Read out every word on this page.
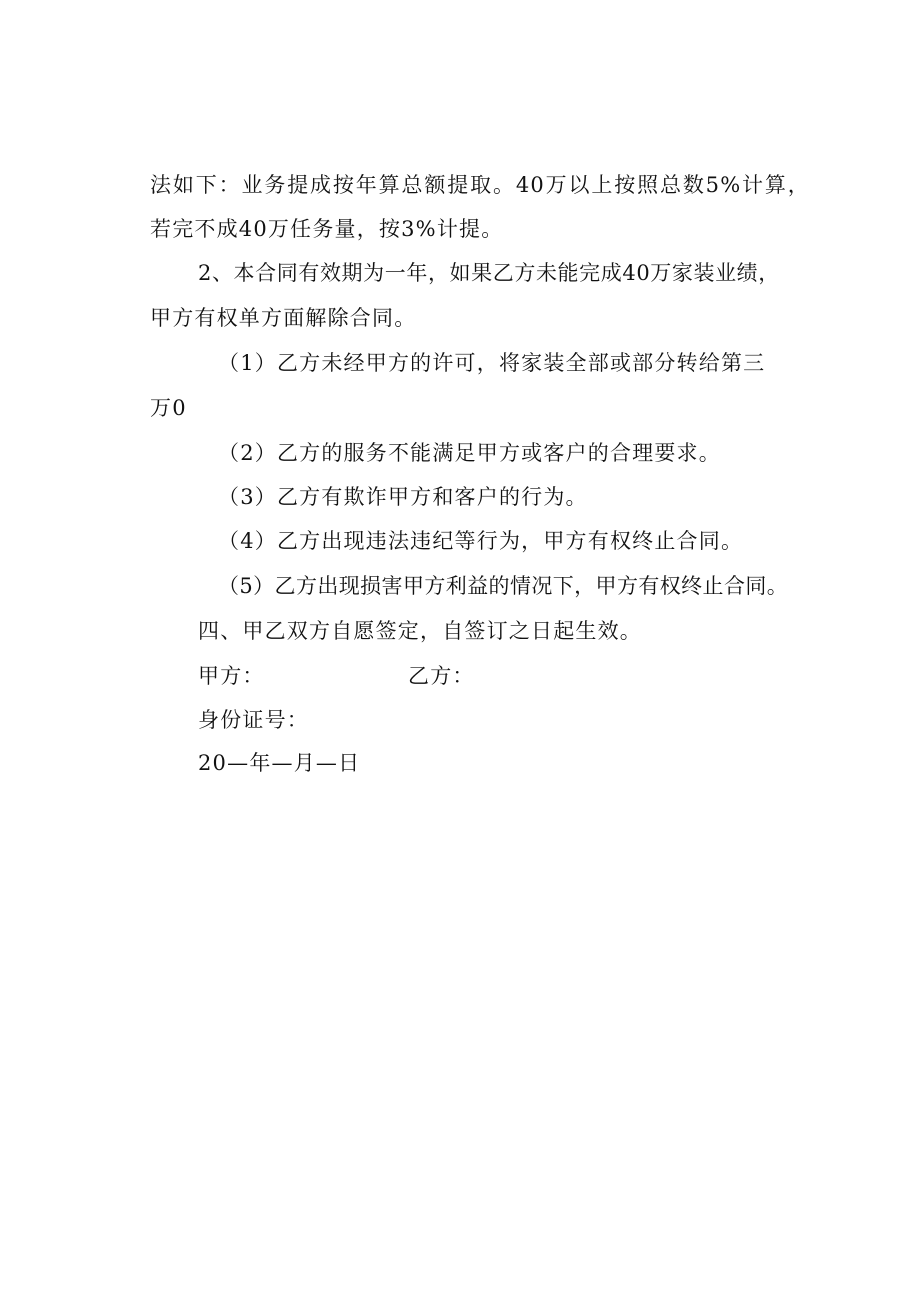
法如下：业务提成按年算总额提取。40万以上按照总数5%计算，
若完不成40万任务量，按3%计提。
2、本合同有效期为一年，如果乙方未能完成40万家装业绩，
甲方有权单方面解除合同。
（1）乙方未经甲方的许可，将家装全部或部分转给第三
万0
（2）乙方的服务不能满足甲方或客户的合理要求。
（3）乙方有欺诈甲方和客户的行为。
（4）乙方出现违法违纪等行为，甲方有权终止合同。
（5）乙方出现损害甲方利益的情况下，甲方有权终止合同。
四、甲乙双方自愿签定，自签订之日起生效。
甲方：	乙方：
身份证号：
20—年—月—日
